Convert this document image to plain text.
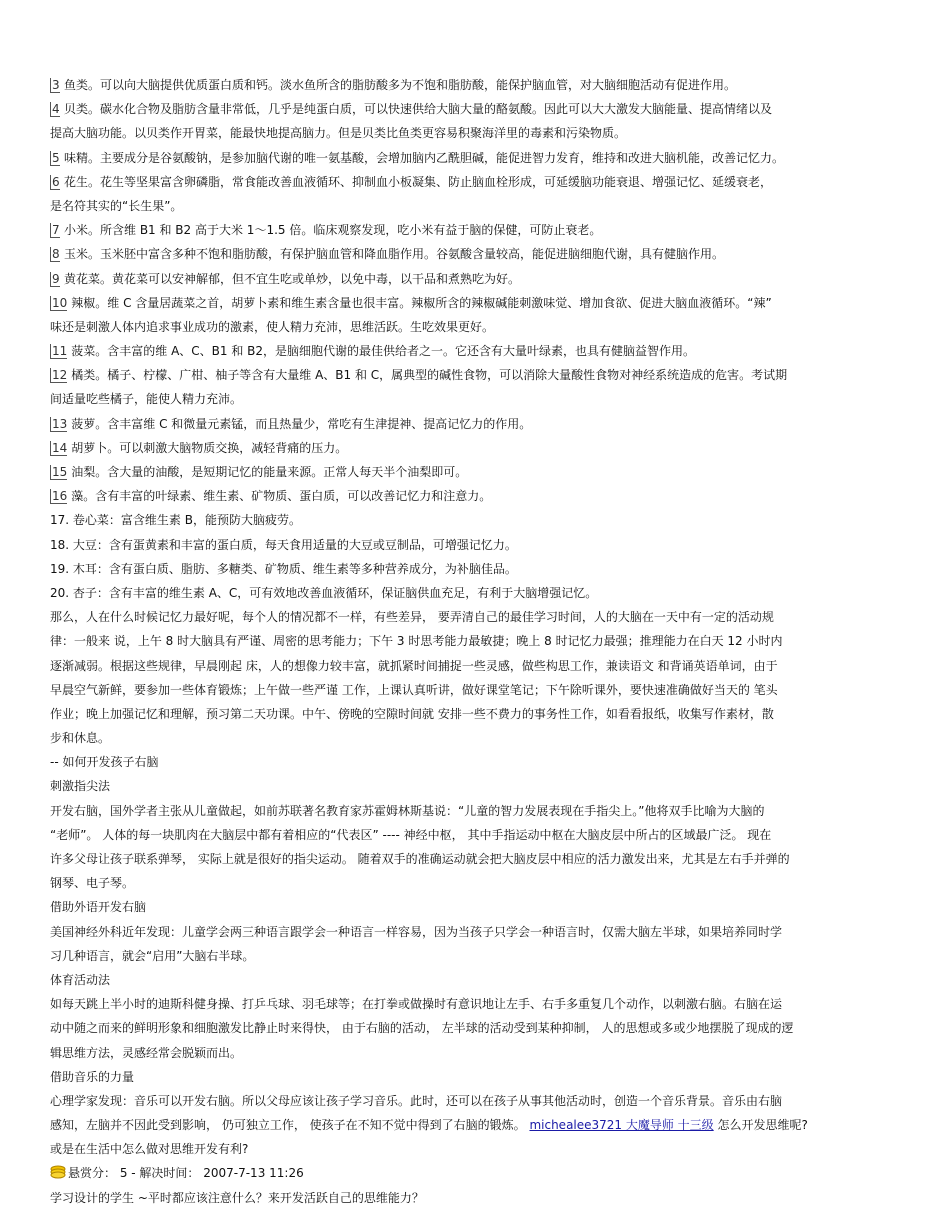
3 鱼类。可以向大脑提供优质蛋白质和钙。淡水鱼所含的脂肪酸多为不饱和脂肪酸，能保护脑血管，对大脑细胞活动有促进作用。
4 贝类。碳水化合物及脂肪含量非常低，几乎是纯蛋白质，可以快速供给大脑大量的酪氨酸。因此可以大大激发大脑能量、提高情绪以及
提高大脑功能。以贝类作开胃菜，能最快地提高脑力。但是贝类比鱼类更容易积聚海洋里的毒素和污染物质。
5 味精。主要成分是谷氨酸钠，是参加脑代谢的唯一氨基酸，会增加脑内乙酰胆碱，能促进智力发育，维持和改进大脑机能，改善记忆力。
6 花生。花生等坚果富含卵磷脂，常食能改善血液循环、抑制血小板凝集、防止脑血栓形成，可延缓脑功能衰退、增强记忆、延缓衰老，
是名符其实的“长生果”。
7 小米。所含维 B1 和 B2 高于大米 1～1.5 倍。临床观察发现，吃小米有益于脑的保健，可防止衰老。
8 玉米。玉米胚中富含多种不饱和脂肪酸，有保护脑血管和降血脂作用。谷氨酸含量较高，能促进脑细胞代谢，具有健脑作用。
9 黄花菜。黄花菜可以安神解郁，但不宜生吃或单炒，以免中毒，以干品和煮熟吃为好。
10 辣椒。维 C 含量居蔬菜之首，胡萝卜素和维生素含量也很丰富。辣椒所含的辣椒碱能刺激味觉、增加食欲、促进大脑血液循环。“辣”
味还是刺激人体内追求事业成功的激素，使人精力充沛，思维活跃。生吃效果更好。
11 菠菜。含丰富的维 A、C、B1 和 B2，是脑细胞代谢的最佳供给者之一。它还含有大量叶绿素，也具有健脑益智作用。
12 橘类。橘子、柠檬、广柑、柚子等含有大量维 A、B1 和 C，属典型的碱性食物，可以消除大量酸性食物对神经系统造成的危害。考试期
间适量吃些橘子，能使人精力充沛。
13 菠萝。含丰富维 C 和微量元素锰，而且热量少，常吃有生津提神、提高记忆力的作用。
14 胡萝卜。可以刺激大脑物质交换，减轻背痛的压力。
15 油梨。含大量的油酸，是短期记忆的能量来源。正常人每天半个油梨即可。
16 藻。含有丰富的叶绿素、维生素、矿物质、蛋白质，可以改善记忆力和注意力。
17. 卷心菜：富含维生素 B，能预防大脑疲劳。
18. 大豆：含有蛋黄素和丰富的蛋白质，每天食用适量的大豆或豆制品，可增强记忆力。
19. 木耳：含有蛋白质、脂肪、多糖类、矿物质、维生素等多种营养成分，为补脑佳品。
20. 杏子：含有丰富的维生素 A、C，可有效地改善血液循环，保证脑供血充足，有利于大脑增强记忆。
那么，人在什么时候记忆力最好呢，每个人的情况都不一样，有些差异， 要弄清自己的最佳学习时间，人的大脑在一天中有一定的活动规
律：一般来 说，上午 8 时大脑具有严谨、周密的思考能力；下午 3 时思考能力最敏捷；晚上 8 时记忆力最强；推理能力在白天 12 小时内
逐渐减弱。根据这些规律，早晨刚起 床，人的想像力较丰富，就抓紧时间捕捉一些灵感，做些构思工作，兼读语文 和背诵英语单词，由于
早晨空气新鲜，要参加一些体育锻炼；上午做一些严谨 工作，上课认真听讲，做好课堂笔记；下午除听课外，要快速准确做好当天的 笔头
作业；晚上加强记忆和理解，预习第二天功课。中午、傍晚的空隙时间就 安排一些不费力的事务性工作，如看看报纸，收集写作素材，散
步和休息。
-- 如何开发孩子右脑
刺激指尖法
开发右脑，国外学者主张从儿童做起，如前苏联著名教育家苏霍姆林斯基说：“儿童的智力发展表现在手指尖上。”他将双手比喻为大脑的
“老师”。 人体的每一块肌肉在大脑层中都有着相应的“代表区” ---- 神经中枢， 其中手指运动中枢在大脑皮层中所占的区域最广泛。 现在
许多父母让孩子联系弹琴， 实际上就是很好的指尖运动。 随着双手的准确运动就会把大脑皮层中相应的活力激发出来，尤其是左右手并弹的
钢琴、电子琴。
借助外语开发右脑
美国神经外科近年发现：儿童学会两三种语言跟学会一种语言一样容易，因为当孩子只学会一种语言时，仅需大脑左半球，如果培养同时学
习几种语言，就会“启用”大脑右半球。
体育活动法
如每天跳上半小时的迪斯科健身操、打乒乓球、羽毛球等；在打拳或做操时有意识地让左手、右手多重复几个动作，以刺激右脑。右脑在运
动中随之而来的鲜明形象和细胞激发比静止时来得快， 由于右脑的活动， 左半球的活动受到某种抑制， 人的思想或多或少地摆脱了现成的逻
辑思维方法，灵感经常会脱颖而出。
借助音乐的力量
心理学家发现：音乐可以开发右脑。所以父母应该让孩子学习音乐。此时，还可以在孩子从事其他活动时，创造一个音乐背景。音乐由右脑
感知，左脑并不因此受到影响， 仍可独立工作， 使孩子在不知不觉中得到了右脑的锻炼。 michealee3721 大魔导师 十三级 怎么开发思维呢?
或是在生活中怎么做对思维开发有利?
悬赏分： 5 - 解决时间： 2007-7-13 11:26
学习设计的学生 ~平时都应该注意什么？来开发活跃自己的思维能力？
